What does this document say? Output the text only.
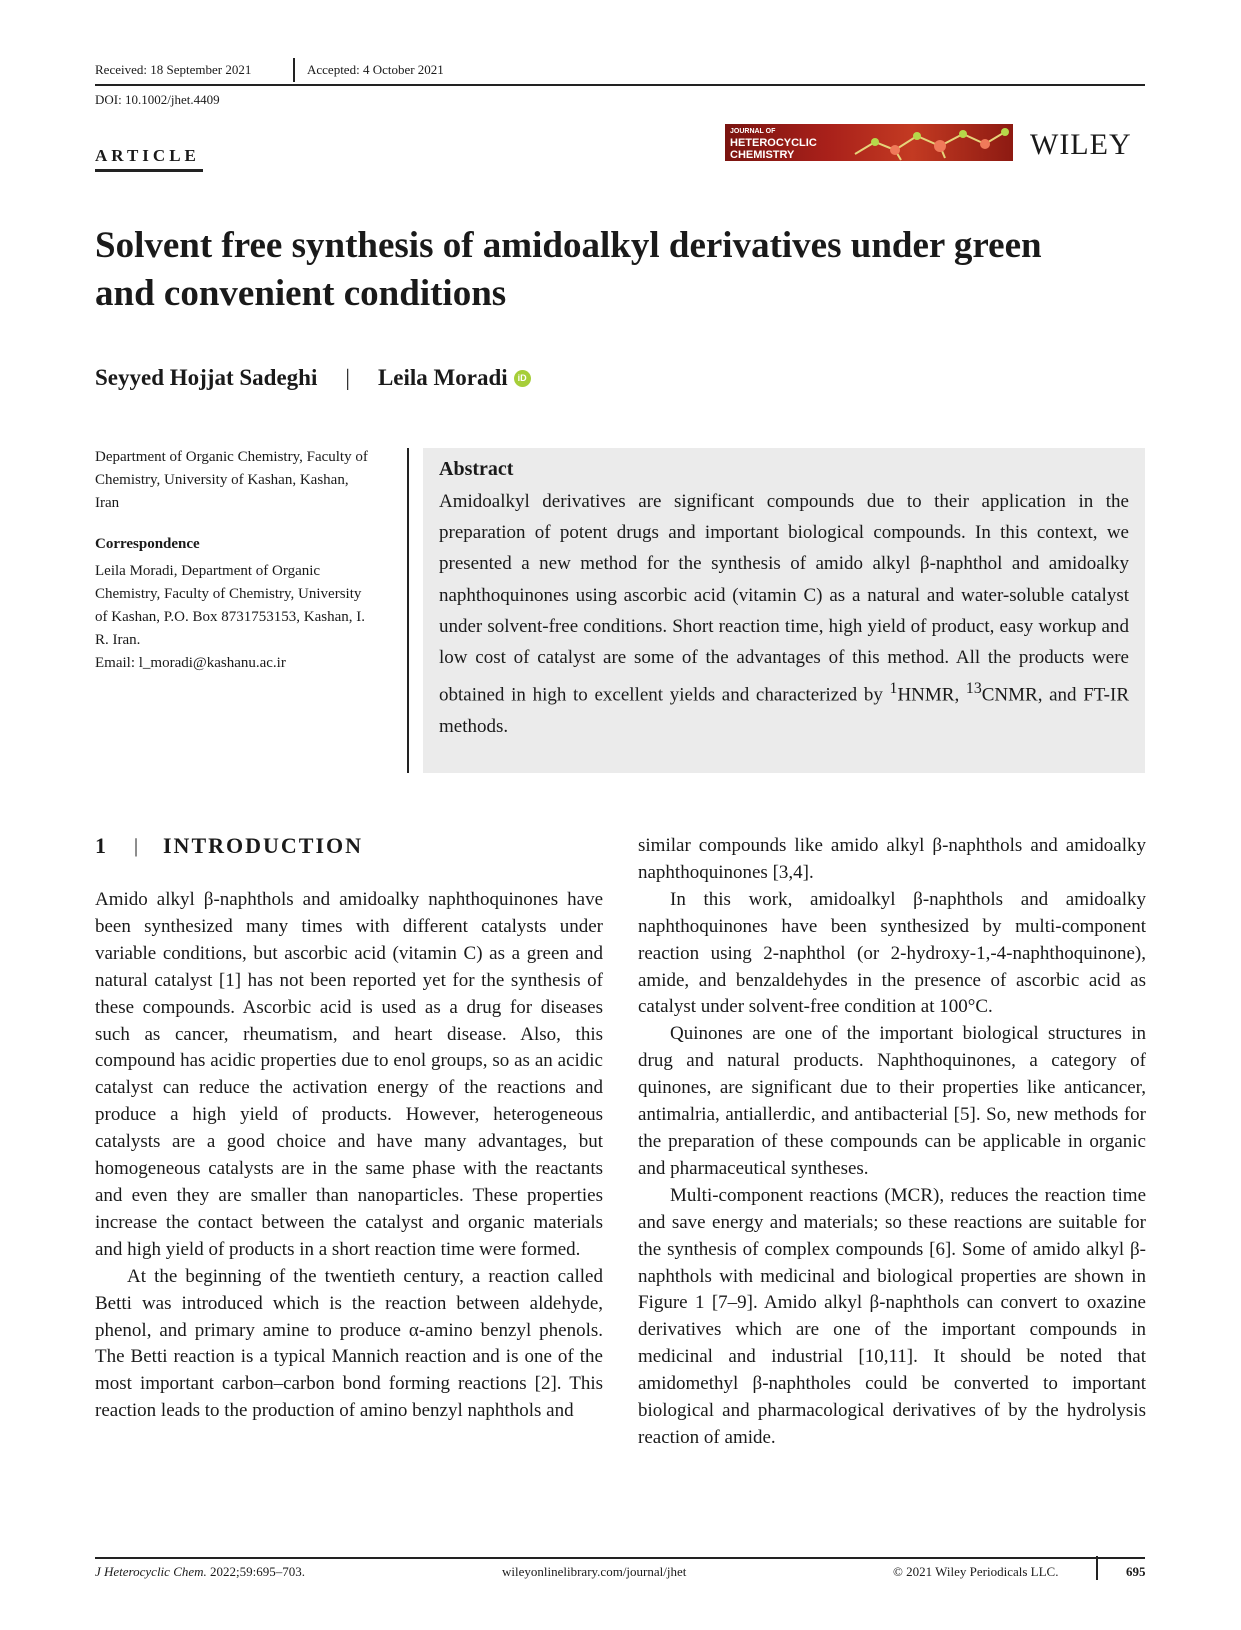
Received: 18 September 2021	Accepted: 4 October 2021
DOI: 10.1002/jhet.4409
ARTICLE
JOURNAL OF
HETEROCYCLIC
CHEMISTRY	WILEY
Solvent free synthesis of amidoalkyl derivatives under green and convenient conditions
Seyyed Hojjat Sadeghi | Leila Moradi	iD
Department of Organic Chemistry, Faculty of Chemistry, University of Kashan, Kashan, Iran
Correspondence
Leila Moradi, Department of Organic Chemistry, Faculty of Chemistry, University of Kashan, P.O. Box 8731753153, Kashan, I. R. Iran.
Email: l_moradi@kashanu.ac.ir
Abstract
Amidoalkyl derivatives are significant compounds due to their application in the preparation of potent drugs and important biological compounds. In this context, we presented a new method for the synthesis of amido alkyl β-naphthol and amidoalky naphthoquinones using ascorbic acid (vitamin C) as a natural and water-soluble catalyst under solvent-free conditions. Short reaction time, high yield of product, easy workup and low cost of catalyst are some of the advantages of this method. All the products were obtained in high to excellent yields and characterized by $^1$HNMR, $^{13}$CNMR, and FT-IR methods.
1 | INTRODUCTION

Amido alkyl β-naphthols and amidoalky naphthoquinones have been synthesized many times with different catalysts under variable conditions, but ascorbic acid (vitamin C) as a green and natural catalyst [1] has not been reported yet for the synthesis of these compounds. Ascorbic acid is used as a drug for diseases such as cancer, rheumatism, and heart disease. Also, this compound has acidic properties due to enol groups, so as an acidic catalyst can reduce the activation energy of the reactions and produce a high yield of products. However, heterogeneous catalysts are a good choice and have many advantages, but homogeneous catalysts are in the same phase with the reactants and even they are smaller than nanoparticles. These properties increase the contact between the catalyst and organic materials and high yield of products in a short reaction time were formed.

At the beginning of the twentieth century, a reaction called Betti was introduced which is the reaction between aldehyde, phenol, and primary amine to produce α-amino benzyl phenols. The Betti reaction is a typical Mannich reaction and is one of the most important carbon–carbon bond forming reactions [2]. This reaction leads to the production of amino benzyl naphthols and

similar compounds like amido alkyl β-naphthols and amidoalky naphthoquinones [3,4].

In this work, amidoalkyl β-naphthols and amidoalky naphthoquinones have been synthesized by multi-component reaction using 2-naphthol (or 2-hydroxy-1,-4-naphthoquinone), amide, and benzaldehydes in the presence of ascorbic acid as catalyst under solvent-free condition at 100°C.

Quinones are one of the important biological structures in drug and natural products. Naphthoquinones, a category of quinones, are significant due to their properties like anticancer, antimalria, antiallerdic, and antibacterial [5]. So, new methods for the preparation of these compounds can be applicable in organic and pharmaceutical syntheses.

Multi-component reactions (MCR), reduces the reaction time and save energy and materials; so these reactions are suitable for the synthesis of complex compounds [6]. Some of amido alkyl β-naphthols with medicinal and biological properties are shown in Figure 1 [7–9]. Amido alkyl β-naphthols can convert to oxazine derivatives which are one of the important compounds in medicinal and industrial [10,11]. It should be noted that amidomethyl β-naphtholes could be converted to important biological and pharmacological derivatives of by the hydrolysis reaction of amide.

J Heterocyclic Chem. 2022;59:695–703.	wileyonlinelibrary.com/journal/jhet	© 2021 Wiley Periodicals LLC.	695
